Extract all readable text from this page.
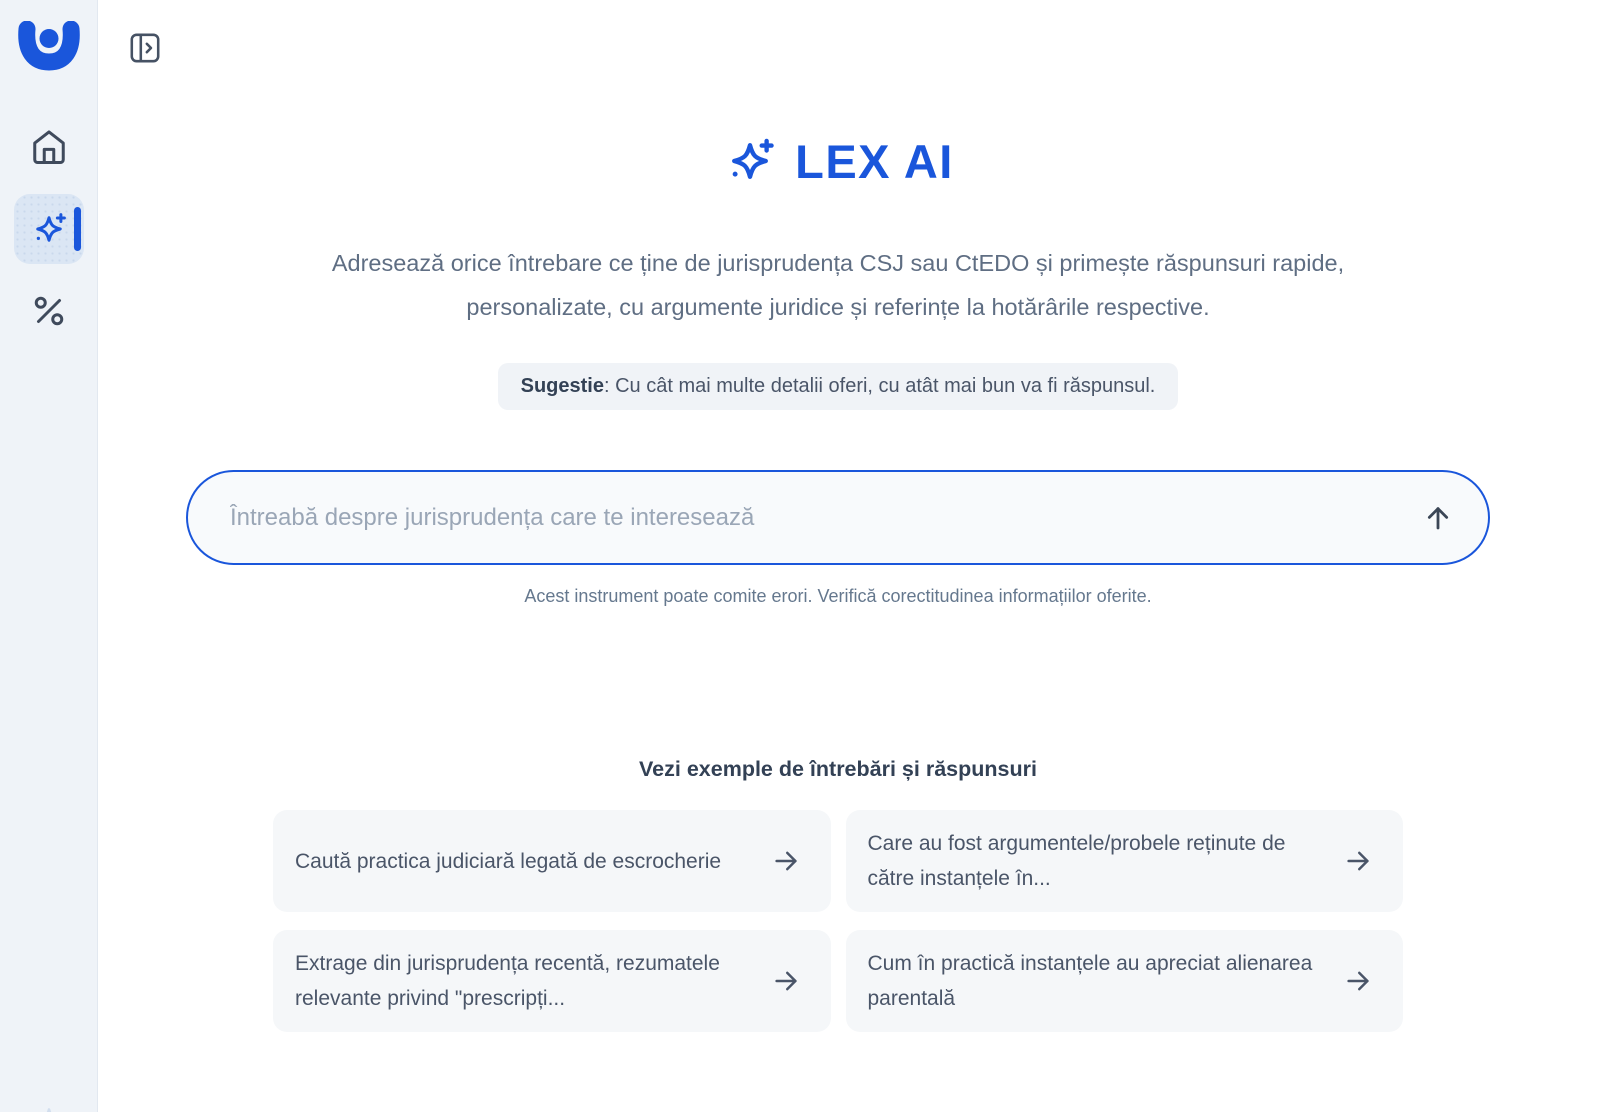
LEX AI

Adresează orice întrebare ce ține de jurisprudența CSJ sau CtEDO și primește răspunsuri rapide, personalizate, cu argumente juridice și referințe la hotărârile respective.

Sugestie: Cu cât mai multe detalii oferi, cu atât mai bun va fi răspunsul.
Întreabă despre jurisprudența care te interesează

Acest instrument poate comite erori. Verifică corectitudinea informațiilor oferite.

Vezi exemple de întrebări și răspunsuri
Caută practica judiciară legată de escrocherie
Care au fost argumentele/probele reținute de către instanțele în...
Extrage din jurisprudența recentă, rezumatele relevante privind "prescripți...
Cum în practică instanțele au apreciat alienarea parentală
